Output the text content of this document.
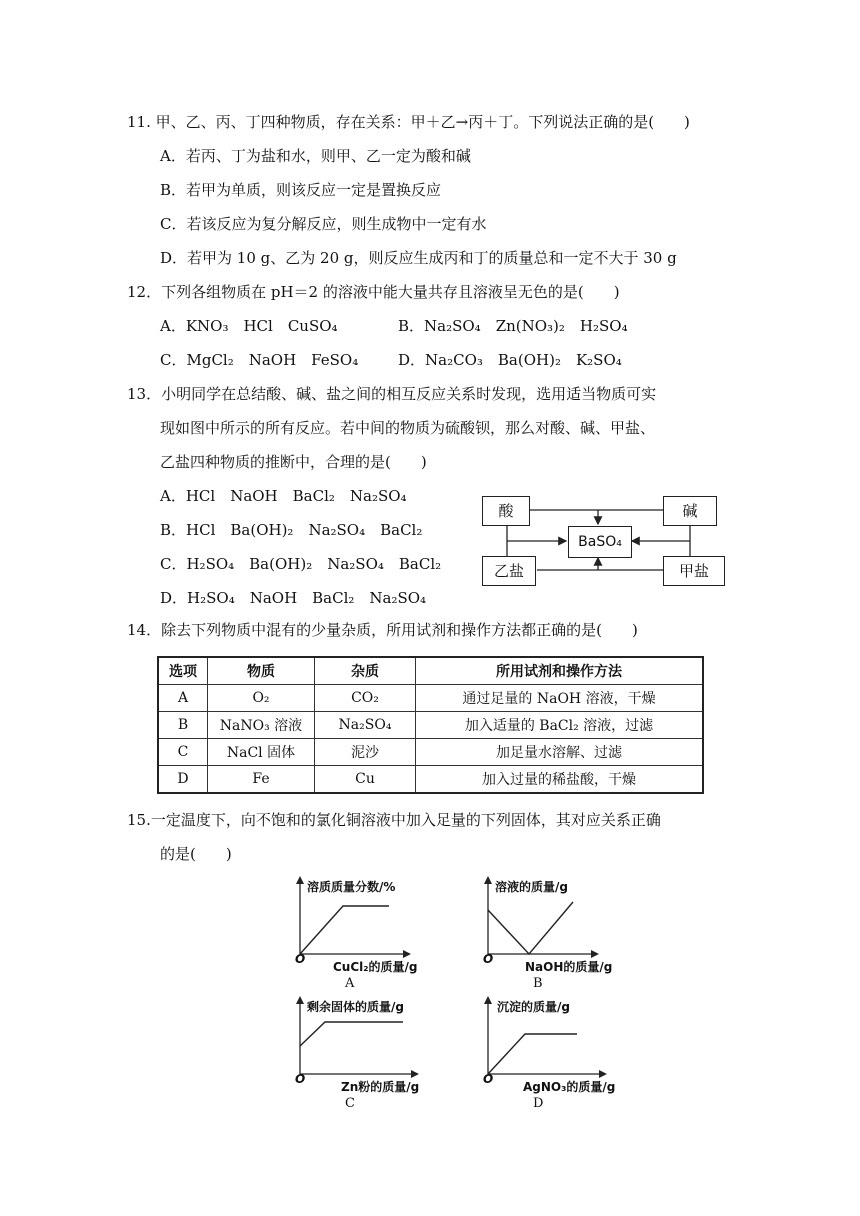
11. 甲、乙、丙、丁四种物质，存在关系：甲＋乙→丙＋丁。下列说法正确的是(　　)
A．若丙、丁为盐和水，则甲、乙一定为酸和碱
B．若甲为单质，则该反应一定是置换反应
C．若该反应为复分解反应，则生成物中一定有水
D．若甲为 10 g、乙为 20 g，则反应生成丙和丁的质量总和一定不大于 30 g
12．下列各组物质在 pH＝2 的溶液中能大量共存且溶液呈无色的是(　　)
A．KNO₃　HCl　CuSO₄	B．Na₂SO₄　Zn(NO₃)₂　H₂SO₄
C．MgCl₂　NaOH　FeSO₄	D．Na₂CO₃　Ba(OH)₂　K₂SO₄
13．小明同学在总结酸、碱、盐之间的相互反应关系时发现，选用适当物质可实
现如图中所示的所有反应。若中间的物质为硫酸钡，那么对酸、碱、甲盐、
乙盐四种物质的推断中，合理的是(　　)
A．HCl　NaOH　BaCl₂　Na₂SO₄
B．HCl　Ba(OH)₂　Na₂SO₄　BaCl₂
C．H₂SO₄　Ba(OH)₂　Na₂SO₄　BaCl₂
D．H₂SO₄　NaOH　BaCl₂　Na₂SO₄
酸	碱
BaSO₄
乙盐	甲盐
14．除去下列物质中混有的少量杂质，所用试剂和操作方法都正确的是(　　)
选项	物质	杂质	所用试剂和操作方法
A	O₂	CO₂	通过足量的 NaOH 溶液，干燥
B	NaNO₃ 溶液	Na₂SO₄	加入适量的 BaCl₂ 溶液，过滤
C	NaCl 固体	泥沙	加足量水溶解、过滤
D	Fe	Cu	加入过量的稀盐酸，干燥
15.一定温度下，向不饱和的氯化铜溶液中加入足量的下列固体，其对应关系正确
的是(　　)
溶质质量分数/%
O
CuCl₂的质量/g
A
溶液的质量/g
O
NaOH的质量/g
B
剩余固体的质量/g
O
Zn粉的质量/g
C
沉淀的质量/g
O
AgNO₃的质量/g
D
